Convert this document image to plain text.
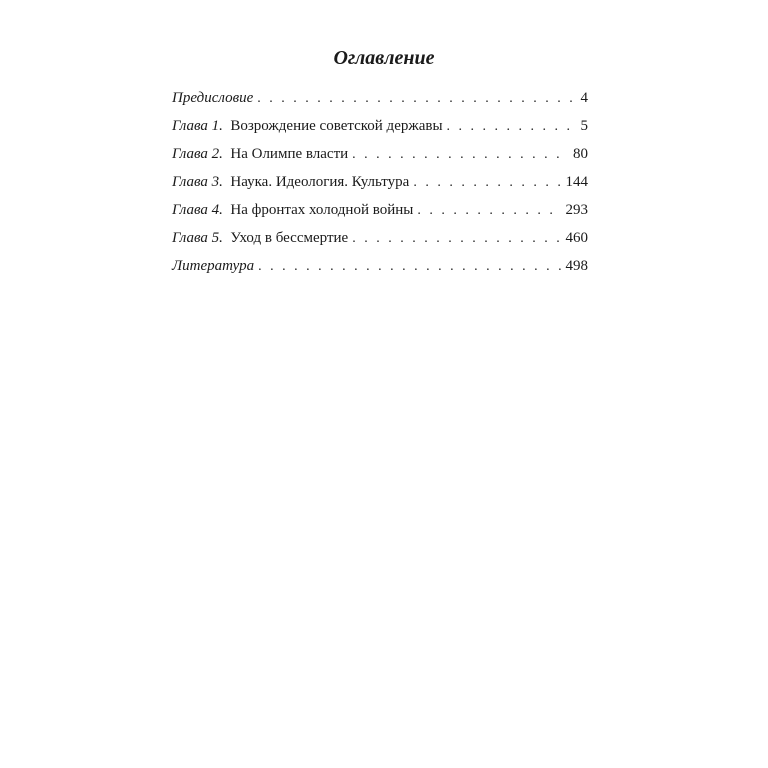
Оглавление
Предисловие . . .	4
Глава 1.  Возрождение советской державы . . .	5
Глава 2.  На Олимпе власти . . .	80
Глава 3.  Наука. Идеология. Культура . . .	144
Глава 4.  На фронтах холодной войны . . .	293
Глава 5.  Уход в бессмертие . . .	460
Литература . . .	498
